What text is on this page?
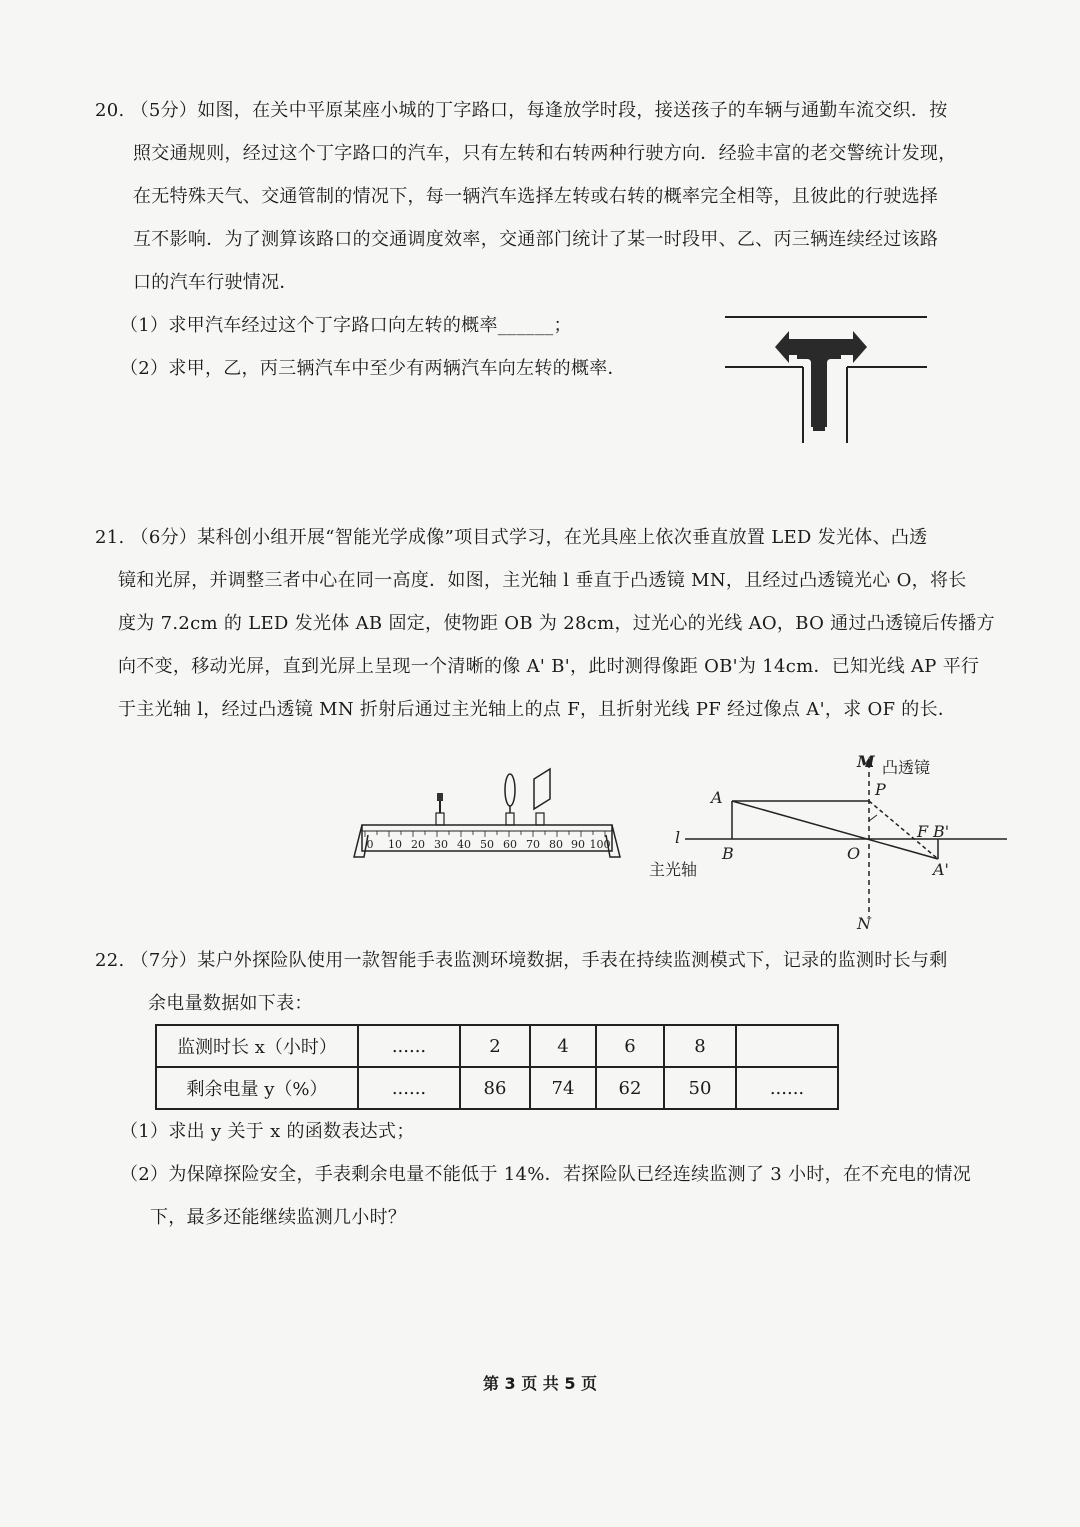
20. （5分）如图，在关中平原某座小城的丁字路口，每逢放学时段，接送孩子的车辆与通勤车流交织．按
照交通规则，经过这个丁字路口的汽车，只有左转和右转两种行驶方向．经验丰富的老交警统计发现，
在无特殊天气、交通管制的情况下，每一辆汽车选择左转或右转的概率完全相等，且彼此的行驶选择
互不影响．为了测算该路口的交通调度效率，交通部门统计了某一时段甲、乙、丙三辆连续经过该路
口的汽车行驶情况．
（1）求甲汽车经过这个丁字路口向左转的概率______；
（2）求甲，乙，丙三辆汽车中至少有两辆汽车向左转的概率．
21. （6分）某科创小组开展“智能光学成像”项目式学习，在光具座上依次垂直放置 LED 发光体、凸透
镜和光屏，并调整三者中心在同一高度．如图，主光轴 l 垂直于凸透镜 MN，且经过凸透镜光心 O，将长
度为 7.2cm 的 LED 发光体 AB 固定，使物距 OB 为 28cm，过光心的光线 AO，BO 通过凸透镜后传播方
向不变，移动光屏，直到光屏上呈现一个清晰的像 A' B'，此时测得像距 OB'为 14cm．已知光线 AP 平行
于主光轴 l，经过凸透镜 MN 折射后通过主光轴上的点 F，且折射光线 PF 经过像点 A'，求 OF 的长．
0 10 20 30 40 50 60 70 80 90 100
M 凸透镜
P
A
l
B	O
F B'
A'
主光轴
N
22. （7分）某户外探险队使用一款智能手表监测环境数据，手表在持续监测模式下，记录的监测时长与剩
余电量数据如下表：
监测时长 x（小时）	......	2	4	6	8	
剩余电量 y（%）	......	86	74	62	50	......
（1）求出 y 关于 x 的函数表达式；
（2）为保障探险安全，手表剩余电量不能低于 14%．若探险队已经连续监测了 3 小时，在不充电的情况
下，最多还能继续监测几小时？
第 3 页 共 5 页
